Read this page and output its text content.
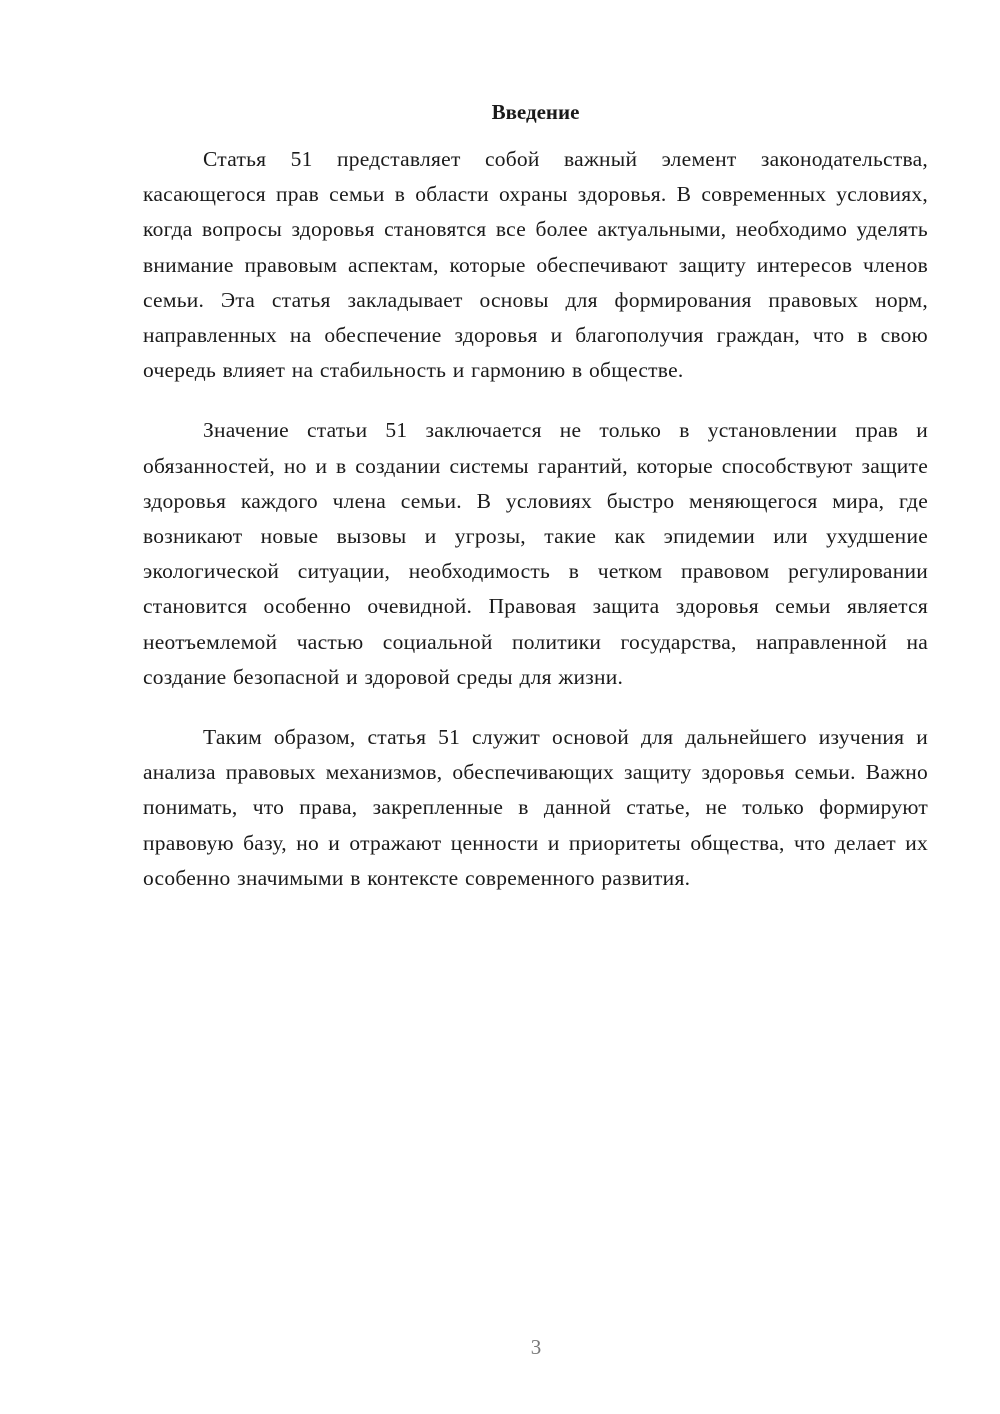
Введение

Статья 51 представляет собой важный элемент законодательства, касающегося прав семьи в области охраны здоровья. В современных условиях, когда вопросы здоровья становятся все более актуальными, необходимо уделять внимание правовым аспектам, которые обеспечивают защиту интересов членов семьи. Эта статья закладывает основы для формирования правовых норм, направленных на обеспечение здоровья и благополучия граждан, что в свою очередь влияет на стабильность и гармонию в обществе.

Значение статьи 51 заключается не только в установлении прав и обязанностей, но и в создании системы гарантий, которые способствуют защите здоровья каждого члена семьи. В условиях быстро меняющегося мира, где возникают новые вызовы и угрозы, такие как эпидемии или ухудшение экологической ситуации, необходимость в четком правовом регулировании становится особенно очевидной. Правовая защита здоровья семьи является неотъемлемой частью социальной политики государства, направленной на создание безопасной и здоровой среды для жизни.

Таким образом, статья 51 служит основой для дальнейшего изучения и анализа правовых механизмов, обеспечивающих защиту здоровья семьи. Важно понимать, что права, закрепленные в данной статье, не только формируют правовую базу, но и отражают ценности и приоритеты общества, что делает их особенно значимыми в контексте современного развития.

3
